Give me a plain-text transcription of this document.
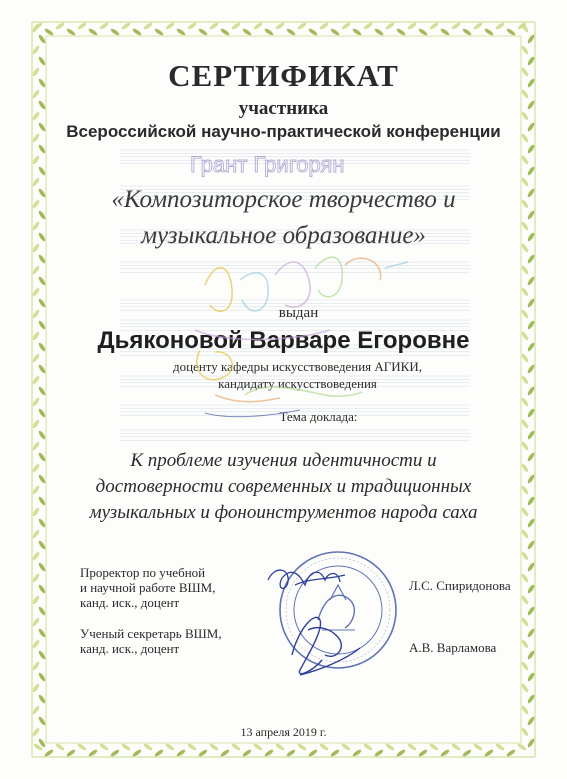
СЕРТИФИКАТ
участника
Всероссийской научно-практической конференции
«Композиторское творчество и
музыкальное образование»
выдан
Дьяконовой Варваре Егоровне
доценту кафедры искусствоведения АГИКИ,
кандидату искусствоведения
Тема доклада:
К проблеме изучения идентичности и
достоверности современных и традиционных
музыкальных и фоноинструментов народа саха
Проректор по учебной
и научной работе ВШМ,
канд. иск., доцент
Л.С. Спиридонова
Ученый секретарь ВШМ,
канд. иск., доцент	А.В. Варламова
13 апреля 2019 г.
Грант Григорян
